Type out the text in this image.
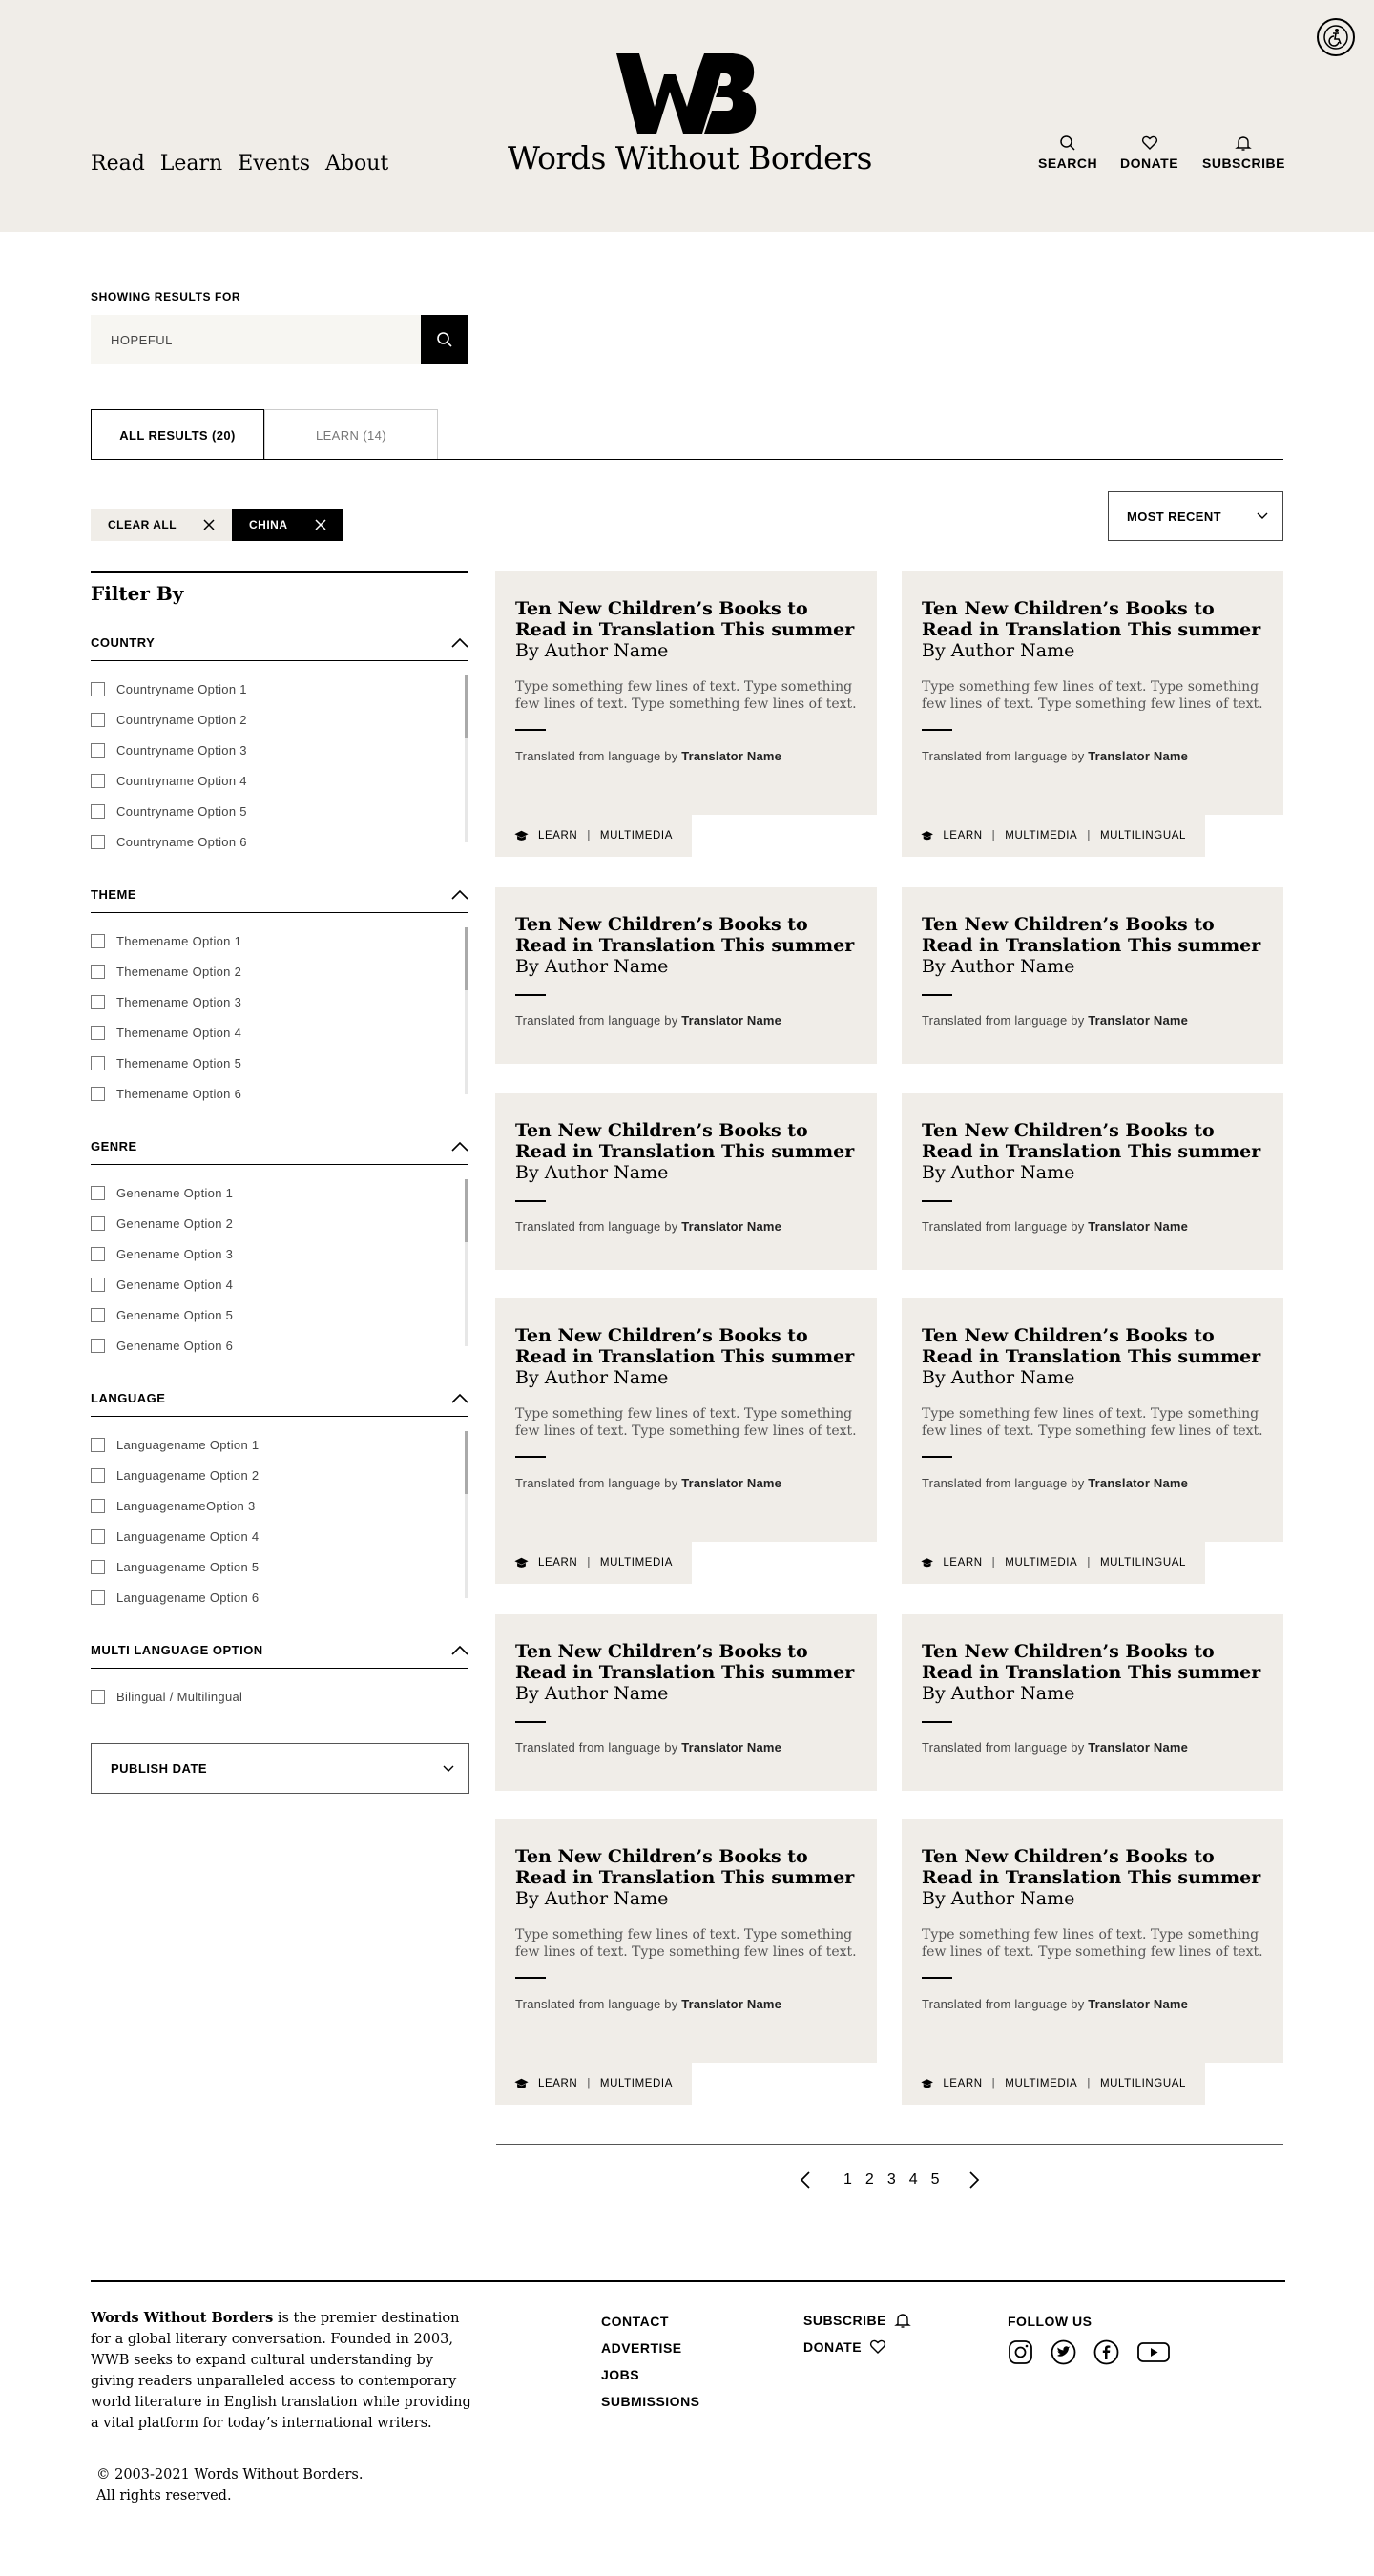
Words Without Borders
Read Learn Events About	SEARCH DONATE SUBSCRIBE
SHOWING RESULTS FOR
HOPEFUL
ALL RESULTS (20)	LEARN (14)
CLEAR ALL	CHINA
MOST RECENT
Filter By
COUNTRY
Countryname Option 1
Countryname Option 2
Countryname Option 3
Countryname Option 4
Countryname Option 5
Countryname Option 6
THEME
Themename Option 1
Themename Option 2
Themename Option 3
Themename Option 4
Themename Option 5
Themename Option 6
GENRE
Genename Option 1
Genename Option 2
Genename Option 3
Genename Option 4
Genename Option 5
Genename Option 6
LANGUAGE
Languagename Option 1
Languagename Option 2
LanguagenameOption 3
Languagename Option 4
Languagename Option 5
Languagename Option 6
MULTI LANGUAGE OPTION
Bilingual / Multilingual
PUBLISH DATE
Ten New Children’s Books to Read in Translation This summer
By Author Name
Type something few lines of text. Type something few lines of text. Type something few lines of text.
Translated from language by Translator Name
LEARN | MULTIMEDIA
Ten New Children’s Books to Read in Translation This summer
By Author Name
Type something few lines of text. Type something few lines of text. Type something few lines of text.
Translated from language by Translator Name
LEARN | MULTIMEDIA | MULTILINGUAL
Ten New Children’s Books to Read in Translation This summer
By Author Name
Translated from language by Translator Name
Ten New Children’s Books to Read in Translation This summer
By Author Name
Translated from language by Translator Name
Ten New Children’s Books to Read in Translation This summer
By Author Name
Translated from language by Translator Name
Ten New Children’s Books to Read in Translation This summer
By Author Name
Translated from language by Translator Name
Ten New Children’s Books to Read in Translation This summer
By Author Name
Type something few lines of text. Type something few lines of text. Type something few lines of text.
Translated from language by Translator Name
LEARN | MULTIMEDIA
Ten New Children’s Books to Read in Translation This summer
By Author Name
Type something few lines of text. Type something few lines of text. Type something few lines of text.
Translated from language by Translator Name
LEARN | MULTIMEDIA | MULTILINGUAL
Ten New Children’s Books to Read in Translation This summer
By Author Name
Translated from language by Translator Name
Ten New Children’s Books to Read in Translation This summer
By Author Name
Translated from language by Translator Name
Ten New Children’s Books to Read in Translation This summer
By Author Name
Type something few lines of text. Type something few lines of text. Type something few lines of text.
Translated from language by Translator Name
LEARN | MULTIMEDIA
Ten New Children’s Books to Read in Translation This summer
By Author Name
Type something few lines of text. Type something few lines of text. Type something few lines of text.
Translated from language by Translator Name
LEARN | MULTIMEDIA | MULTILINGUAL
1 2 3 4 5
Words Without Borders is the premier destination for a global literary conversation. Founded in 2003, WWB seeks to expand cultural understanding by giving readers unparalleled access to contemporary world literature in English translation while providing a vital platform for today’s international writers.
© 2003-2021 Words Without Borders.
All rights reserved.
CONTACT
ADVERTISE
JOBS
SUBMISSIONS
SUBSCRIBE
DONATE
FOLLOW US
